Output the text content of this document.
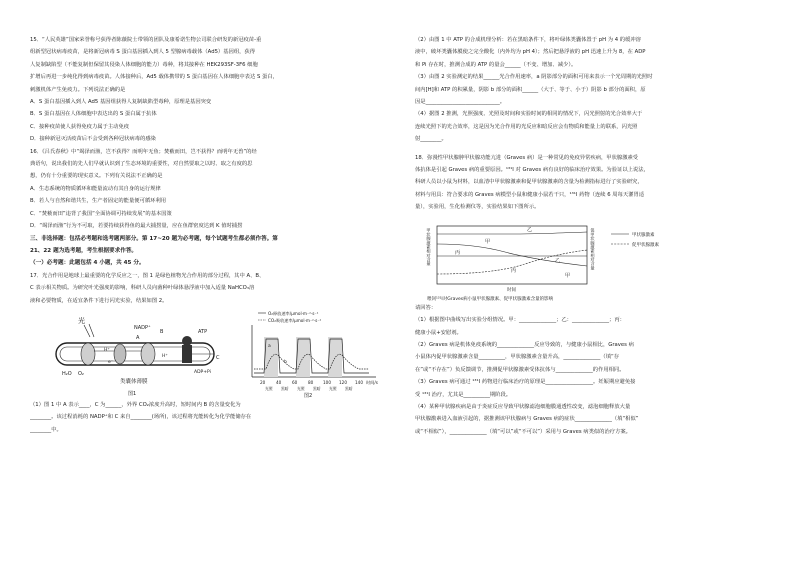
15．“人民英雄”国家荣誉称号获得者陈薇院士带领的团队及康希诺生物公司联合研发的新冠疫苗-重

组新型冠状病毒疫苗，是将新冠病毒 S 蛋白基因插入到人 5 型腺病毒载体（Ad5）基因组，获得

人复制缺陷型（不能复制但保留其侵染人体细胞的能力）毒种，将其接种在 HEK293SF-3F6 细胞

扩增后再进一步纯化得到病毒疫苗。人体接种后，Ad5 载体携带的 S 蛋白基因在人体细胞中表达 S 蛋白，

刺激机体产生免疫力。下列说法正确的是

A．S 蛋白基因插入到人 Ad5 基因组获得人复制缺陷型毒种，原理是基因突变

B．S 蛋白基因在人体细胞中表达出的 S 蛋白属于抗体

C．接种疫苗使人获得免疫力属于主动免疫

D．接种新冠灭活疫苗后不会受到各种冠状病毒的感染

16．《吕氏春秋》中“竭泽而渔，岂不获得？而明年无鱼；焚薮而田，岂不获得？而明年无兽”的经

典语句，说出我们的先人们早就认识到了生态环境的重要性，对自然要取之以时、取之有度的思

想，仍有十分重要的现实意义。下列有关说法不正确的是

A．生态系统的物质循环和能量流动有其自身的运行规律

B．若人与自然和谐共生，生产者固定的能量便可循环利用

C．“焚薮而田”违背了我国“全面协调可持续发展”的基本国策

D．“竭泽而渔”行为不可取，若要持续获得鱼的最大捕捞量，应在鱼群密度达到 K 值时捕捞

三、非选择题：包括必考题和选考题两部分。第 17~20 题为必考题，每个试题考生都必须作答。第

21、22 题为选考题，考生根据要求作答。

（一）必考题：此题包括 4 小题，共 45 分。

17．光合作用是地球上最重要的化学反应之一，图 1 是绿色植物光合作用的部分过程，其中 A、B、

C 表示相关物质。为研究叶光强度的影响，科研人员向菌种叶绿体悬浮液中加入适量 NaHCO₃溶

液和必要物质，在适宜条件下进行闪光实验，结果如图 2。

光
H₂O O₂
NADP⁺
A
B	ATP
ADP+Pi
C
H⁺
H⁺
e⁻
类囊体薄膜
图1
O₂释放速率/μmol·m⁻²·s⁻¹
CO₂吸收速率/μmol·m⁻²·s⁻¹
a
b
20	40	60	80 100 120 140 时间/s
光照 黑暗 光照 黑暗 光照 黑暗
图2

（1）图 1 中 A 表示____，C 为______，外界 CO₂浓度升高时，短时间内 B 的含量变化为

________。该过程消耗的 NADP⁺和 C 来自________(场所)，该过程将光能转化为化学能储存在

________中。

（2）由图 1 中 ATP 的合成机理分析：若在黑暗条件下，将叶绿体类囊体置于 pH 为 4 的缓冲溶

液中，破坏类囊体膜使之完全酸化（内外均为 pH 4）；然后把悬浮液的 pH 迅速上升为 8，在 ADP

和 Pi 存在时，推测合成的 ATP 的量会______（不变、增加、减少）。

（3）由图 2 实验测定的结果______光合作用速率，a 阴影部分的面积可用来表示一个光周期的光照时

间内[H]和 ATP 的积累量，阴影 b 部分的面积______（大于、等于、小于）阴影 b 部分的面积，原

因是____________________________。

（4）据图 2 推测，光照强度、光照及时间和实验时间的相同的情况下，闪光照射的光合效率大于

连续光照下的光合效率，这是因为光合作用的光反应和暗反应会有物质和能量上的联系，闪光照

射________。

18．弥漫性甲状腺肿甲状腺功能亢进（Graves 病）是一种常见的免疫异常疾病，甲状腺激素受

体抗体是引起 Graves 病的重要原因。¹³¹I 对 Graves 病有良好的临床治疗效果。为验证以上说法，

科研人员以小鼠为材料，以血清中甲状腺激素和促甲状腺激素的含量为检测指标进行了实验研究，

材料与用具：符合要求的 Graves 病模型小鼠和健康小鼠若干只，¹³¹I 药物（连续 6 周每天灌胃适

量），实验用，生化检测仪等，实验结果如下图所示。

甲状腺激素相对含量	促甲状腺激素相对含量
乙
甲
丙
乙
丙
甲
时间
甲状腺激素
促甲状腺激素
喂饲¹³¹I对Graves病小鼠甲状腺激素、促甲状腺激素含量的影响

请回答：

（1）根据图中曲线写出实验分组情况。甲：______________；乙：______________；丙：

健康小鼠+安慰剂。

（2）Graves 病是机体免疫系统的______________反应导致的，与健康小鼠相比，Graves 病

小鼠体内促甲状腺激素含量__________，甲状腺激素含量升高，______________（填“存

在”或“不存在”）负反馈调节，推测促甲状腺激素受体抗体与______________的作用相同。

（3）Graves 病可通过 ¹³¹I 药物进行临床治疗的原理是__________________。妊娠期应避免接

受 ¹³¹I 治疗，尤其是__________期阶段。

（4）某种甲状腺疾病是由于炎症反应导致甲状腺滤泡细胞膜通透性改变，滤泡细胞释放大量

甲状腺激素进入血液引起的，据推测该甲状腺病与 Graves 病的症状______________（填“相似”

或“不相似”），______________（填“可以”或“不可以”）采用与 Graves 病类似的治疗方案。
